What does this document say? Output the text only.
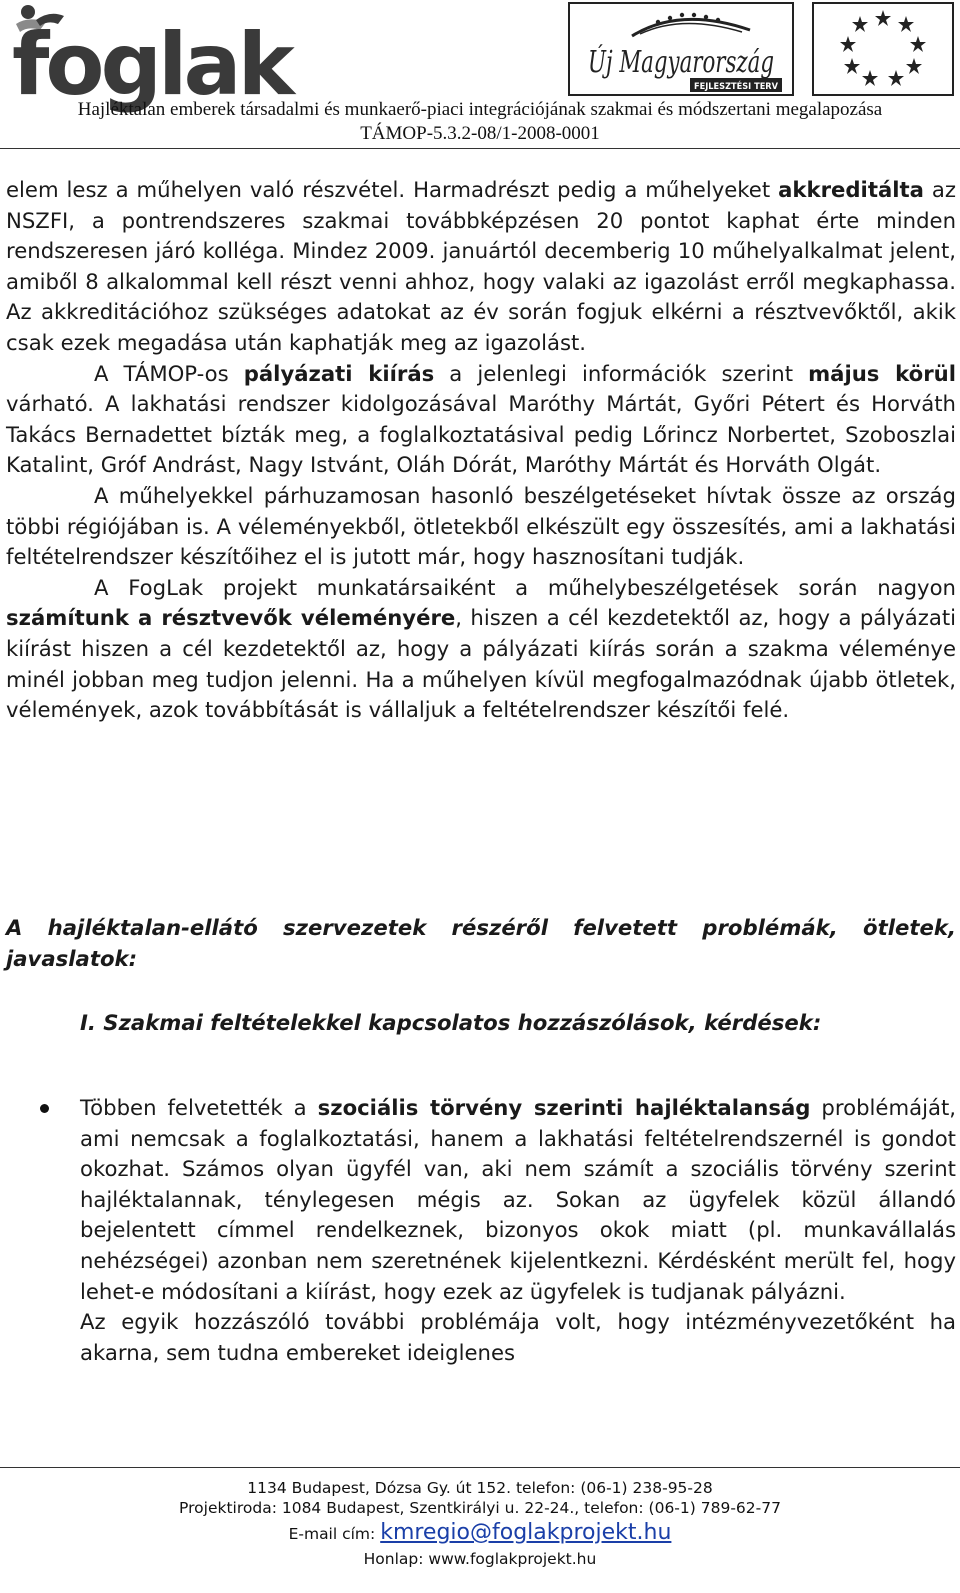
foglak	Új Magyarország
FEJLESZTÉSI TERV
Hajléktalan emberek társadalmi és munkaerő-piaci integrációjának szakmai és módszertani megalapozása
TÁMOP-5.3.2-08/1-2008-0001

elem lesz a műhelyen való részvétel. Harmadrészt pedig a műhelyeket akkreditálta az NSZFI, a pontrendszeres szakmai továbbképzésen 20 pontot kaphat érte minden rendszeresen járó kolléga. Mindez 2009. januártól decemberig 10 műhelyalkalmat jelent, amiből 8 alkalommal kell részt venni ahhoz, hogy valaki az igazolást erről megkaphassa. Az akkreditációhoz szükséges adatokat az év során fogjuk elkérni a résztvevőktől, akik csak ezek megadása után kaphatják meg az igazolást.

A TÁMOP-os pályázati kiírás a jelenlegi információk szerint május körül várható. A lakhatási rendszer kidolgozásával Maróthy Mártát, Győri Pétert és Horváth Takács Bernadettet bízták meg, a foglalkoztatásival pedig Lőrincz Norbertet, Szoboszlai Katalint, Gróf Andrást, Nagy Istvánt, Oláh Dórát, Maróthy Mártát és Horváth Olgát.

A műhelyekkel párhuzamosan hasonló beszélgetéseket hívtak össze az ország többi régiójában is. A véleményekből, ötletekből elkészült egy összesítés, ami a lakhatási feltételrendszer készítőihez el is jutott már, hogy hasznosítani tudják.

A FogLak projekt munkatársaiként a műhelybeszélgetések során nagyon számítunk a résztvevők véleményére, hiszen a cél kezdetektől az, hogy a pályázati kiírást hiszen a cél kezdetektől az, hogy a pályázati kiírás során a szakma véleménye minél jobban meg tudjon jelenni. Ha a műhelyen kívül megfogalmazódnak újabb ötletek, vélemények, azok továbbítását is vállaljuk a feltételrendszer készítői felé.

A hajléktalan-ellátó szervezetek részéről felvetett problémák, ötletek, javaslatok:
I. Szakmai feltételekkel kapcsolatos hozzászólások, kérdések:

Többen felvetették a szociális törvény szerinti hajléktalanság problémáját, ami nemcsak a foglalkoztatási, hanem a lakhatási feltételrendszernél is gondot okozhat. Számos olyan ügyfél van, aki nem számít a szociális törvény szerint hajléktalannak, ténylegesen mégis az. Sokan az ügyfelek közül állandó bejelentett címmel rendelkeznek, bizonyos okok miatt (pl. munkavállalás nehézségei) azonban nem szeretnének kijelentkezni. Kérdésként merült fel, hogy lehet-e módosítani a kiírást, hogy ezek az ügyfelek is tudjanak pályázni.

Az egyik hozzászóló további problémája volt, hogy intézményvezetőként ha akarna, sem tudna embereket ideiglenes

1134 Budapest, Dózsa Gy. út 152. telefon: (06-1) 238-95-28
Projektiroda: 1084 Budapest, Szentkirályi u. 22-24., telefon: (06-1) 789-62-77
E-mail cím: kmregio@foglakprojekt.hu
Honlap: www.foglakprojekt.hu
